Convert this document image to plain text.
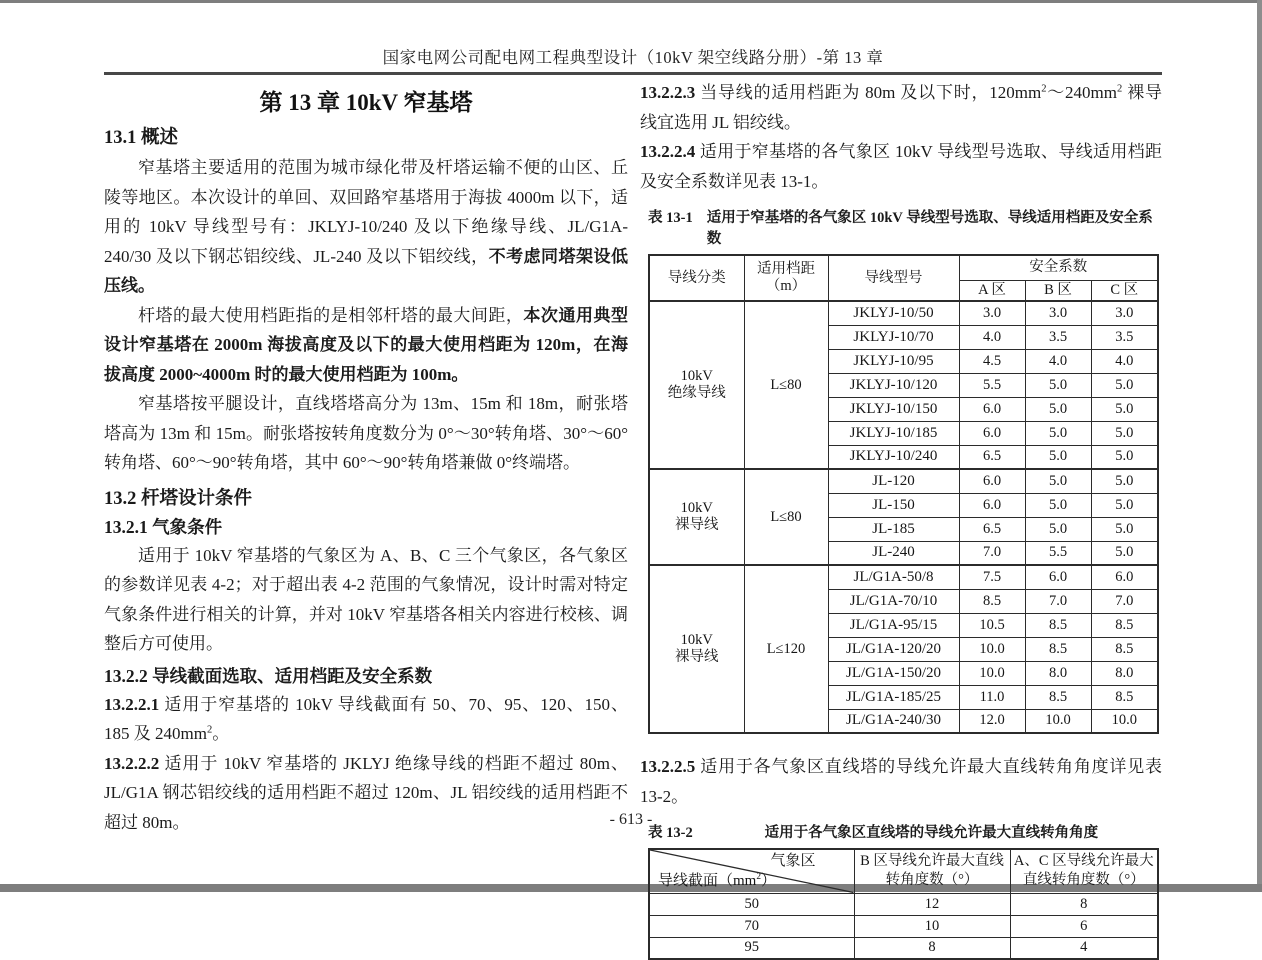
国家电网公司配电网工程典型设计（10kV 架空线路分册）-第 13 章
第 13 章 10kV 窄基塔
13.1 概述

窄基塔主要适用的范围为城市绿化带及杆塔运输不便的山区、丘陵等地区。本次设计的单回、双回路窄基塔用于海拔 4000m 以下，适用的 10kV 导线型号有：JKLYJ-10/240 及以下绝缘导线、JL/G1A-240/30 及以下钢芯铝绞线、JL-240 及以下铝绞线，不考虑同塔架设低压线。

杆塔的最大使用档距指的是相邻杆塔的最大间距，本次通用典型设计窄基塔在 2000m 海拔高度及以下的最大使用档距为 120m，在海拔高度 2000~4000m 时的最大使用档距为 100m。

窄基塔按平腿设计，直线塔塔高分为 13m、15m 和 18m，耐张塔塔高为 13m 和 15m。耐张塔按转角度数分为 0°～30°转角塔、30°～60°转角塔、60°～90°转角塔，其中 60°～90°转角塔兼做 0°终端塔。

13.2 杆塔设计条件
13.2.1 气象条件

适用于 10kV 窄基塔的气象区为 A、B、C 三个气象区，各气象区的参数详见表 4-2；对于超出表 4-2 范围的气象情况，设计时需对特定气象条件进行相关的计算，并对 10kV 窄基塔各相关内容进行校核、调整后方可使用。

13.2.2 导线截面选取、适用档距及安全系数

13.2.2.1 适用于窄基塔的 10kV 导线截面有 50、70、95、120、150、185 及 $240mm^2$。

13.2.2.2 适用于 10kV 窄基塔的 JKLYJ 绝缘导线的档距不超过 80m、JL/G1A 钢芯铝绞线的适用档距不超过 120m、JL 铝绞线的适用档距不超过 80m。

13.2.2.3 当导线的适用档距为 80m 及以下时，$120mm^2\sim 240mm^2$ 裸导线宜选用 JL 铝绞线。

13.2.2.4 适用于窄基塔的各气象区 10kV 导线型号选取、导线适用档距及安全系数详见表 13-1。

表 13-1 适用于窄基塔的各气象区 10kV 导线型号选取、导线适用档距及安全系数
导线分类	适用档距
（m）	导线型号	安全系数		
			A 区	B 区	C 区
10kV
绝缘导线	L≤80	JKLYJ-10/50	3.0	3.0	3.0
		JKLYJ-10/70	4.0	3.5	3.5
		JKLYJ-10/95	4.5	4.0	4.0
		JKLYJ-10/120	5.5	5.0	5.0
		JKLYJ-10/150	6.0	5.0	5.0
		JKLYJ-10/185	6.0	5.0	5.0
		JKLYJ-10/240	6.5	5.0	5.0
10kV
裸导线	L≤80	JL-120	6.0	5.0	5.0
		JL-150	6.0	5.0	5.0
		JL-185	6.5	5.0	5.0
		JL-240	7.0	5.5	5.0
10kV
裸导线	L≤120	JL/G1A-50/8	7.5	6.0	6.0
		JL/G1A-70/10	8.5	7.0	7.0
		JL/G1A-95/15	10.5	8.5	8.5
		JL/G1A-120/20	10.0	8.5	8.5
		JL/G1A-150/20	10.0	8.0	8.0
		JL/G1A-185/25	11.0	8.5	8.5
		JL/G1A-240/30	12.0	10.0	10.0

13.2.2.5 适用于各气象区直线塔的导线允许最大直线转角角度详见表 13-2。

表 13-2	适用于各气象区直线塔的导线允许最大直线转角角度
气象区
导线截面$(mm^2)$	B 区导线允许最大直线转角度数（°）	A、C 区导线允许最大直线转角度数（°）
50	12	8
70	10	6
95	8	4
- 613 -
